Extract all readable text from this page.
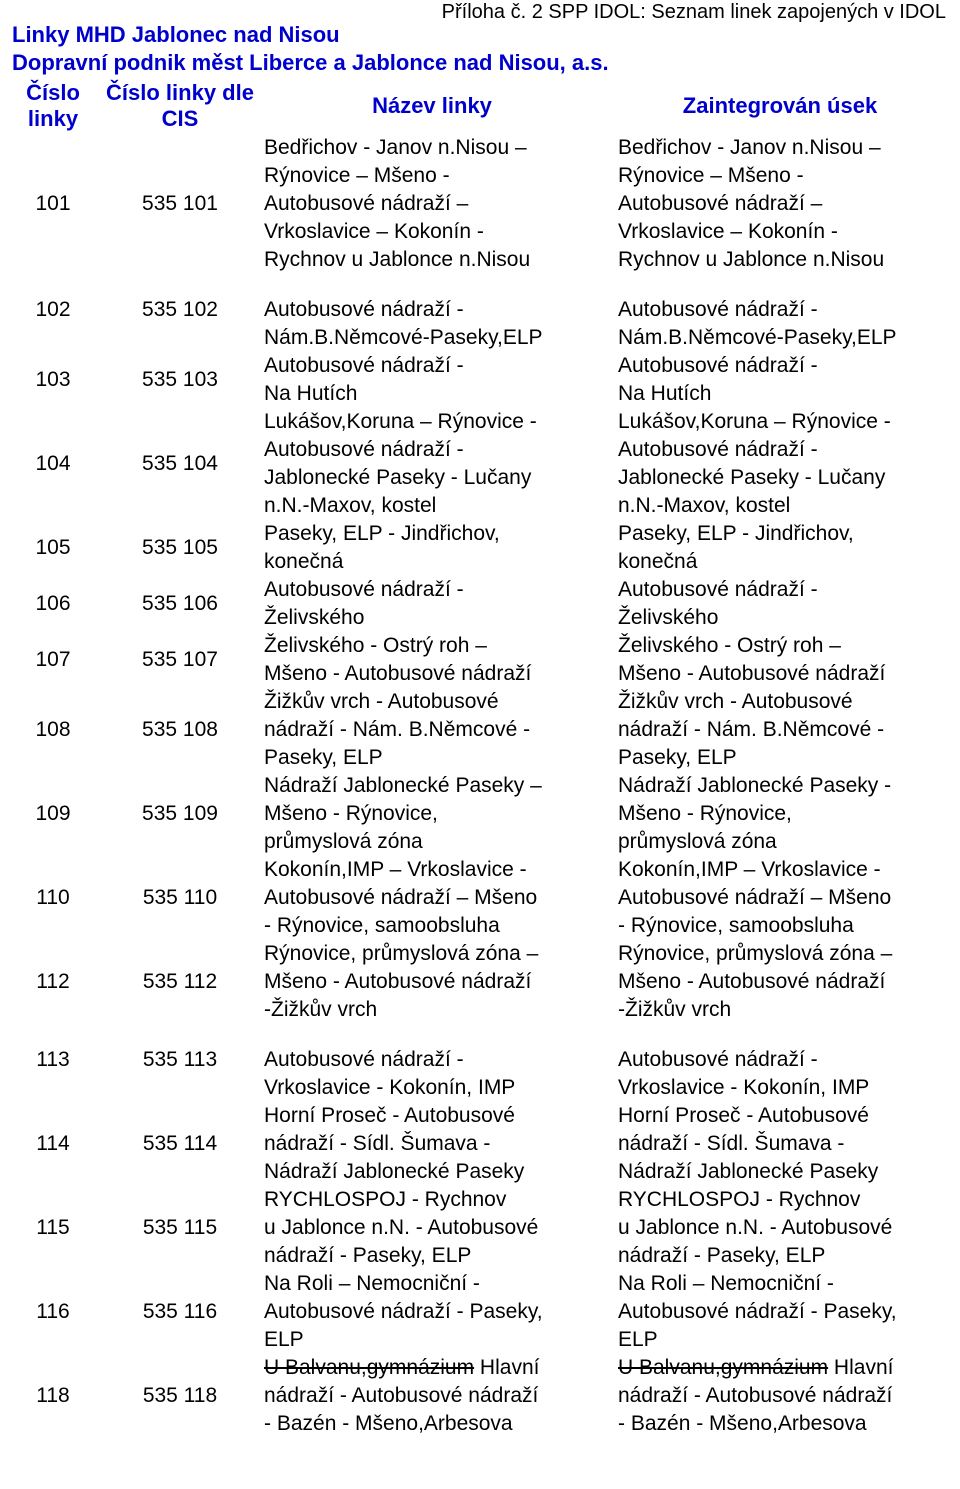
Příloha č. 2 SPP IDOL: Seznam linek zapojených v IDOL
Linky MHD Jablonec nad Nisou
Dopravní podnik měst Liberce a Jablonce nad Nisou, a.s.
Číslo linky	Číslo linky dle CIS	Název linky	Zaintegrován úsek
101	535 101	Bedřichov - Janov n.Nisou –
Rýnovice – Mšeno -
Autobusové nádraží –
Vrkoslavice – Kokonín -
Rychnov u Jablonce n.Nisou	Bedřichov - Janov n.Nisou –
Rýnovice – Mšeno -
Autobusové nádraží –
Vrkoslavice – Kokonín -
Rychnov u Jablonce n.Nisou

102	535 102	Autobusové nádraží -
Nám.B.Němcové-Paseky,ELP	Autobusové nádraží -
Nám.B.Němcové-Paseky,ELP
103	535 103	Autobusové nádraží -
Na Hutích	Autobusové nádraží -
Na Hutích
104	535 104	Lukášov,Koruna – Rýnovice -
Autobusové nádraží -
Jablonecké Paseky - Lučany
n.N.-Maxov, kostel	Lukášov,Koruna – Rýnovice -
Autobusové nádraží -
Jablonecké Paseky - Lučany
n.N.-Maxov, kostel
105	535 105	Paseky, ELP - Jindřichov,
konečná	Paseky, ELP - Jindřichov,
konečná
106	535 106	Autobusové nádraží -
Želivského	Autobusové nádraží -
Želivského
107	535 107	Želivského - Ostrý roh –
Mšeno - Autobusové nádraží	Želivského - Ostrý roh –
Mšeno - Autobusové nádraží
108	535 108	Žižkův vrch - Autobusové
nádraží - Nám. B.Němcové -
Paseky, ELP	Žižkův vrch - Autobusové
nádraží - Nám. B.Němcové -
Paseky, ELP
109	535 109	Nádraží Jablonecké Paseky –
Mšeno - Rýnovice,
průmyslová zóna	Nádraží Jablonecké Paseky -
Mšeno - Rýnovice,
průmyslová zóna
110	535 110	Kokonín,IMP – Vrkoslavice -
Autobusové nádraží – Mšeno
- Rýnovice, samoobsluha	Kokonín,IMP – Vrkoslavice -
Autobusové nádraží – Mšeno
- Rýnovice, samoobsluha
112	535 112	Rýnovice, průmyslová zóna –
Mšeno - Autobusové nádraží
-Žižkův vrch	Rýnovice, průmyslová zóna –
Mšeno - Autobusové nádraží
-Žižkův vrch

113	535 113	Autobusové nádraží -
Vrkoslavice - Kokonín, IMP	Autobusové nádraží -
Vrkoslavice - Kokonín, IMP
114	535 114	Horní Proseč - Autobusové
nádraží - Sídl. Šumava -
Nádraží Jablonecké Paseky	Horní Proseč - Autobusové
nádraží - Sídl. Šumava -
Nádraží Jablonecké Paseky
115	535 115	RYCHLOSPOJ - Rychnov
u Jablonce n.N. - Autobusové
nádraží - Paseky, ELP	RYCHLOSPOJ - Rychnov
u Jablonce n.N. - Autobusové
nádraží - Paseky, ELP
116	535 116	Na Roli – Nemocniční -
Autobusové nádraží - Paseky,
ELP	Na Roli – Nemocniční -
Autobusové nádraží - Paseky,
ELP
118	535 118	U Balvanu,gymnázium Hlavní
nádraží - Autobusové nádraží
- Bazén - Mšeno,Arbesova	U Balvanu,gymnázium Hlavní
nádraží - Autobusové nádraží
- Bazén - Mšeno,Arbesova
